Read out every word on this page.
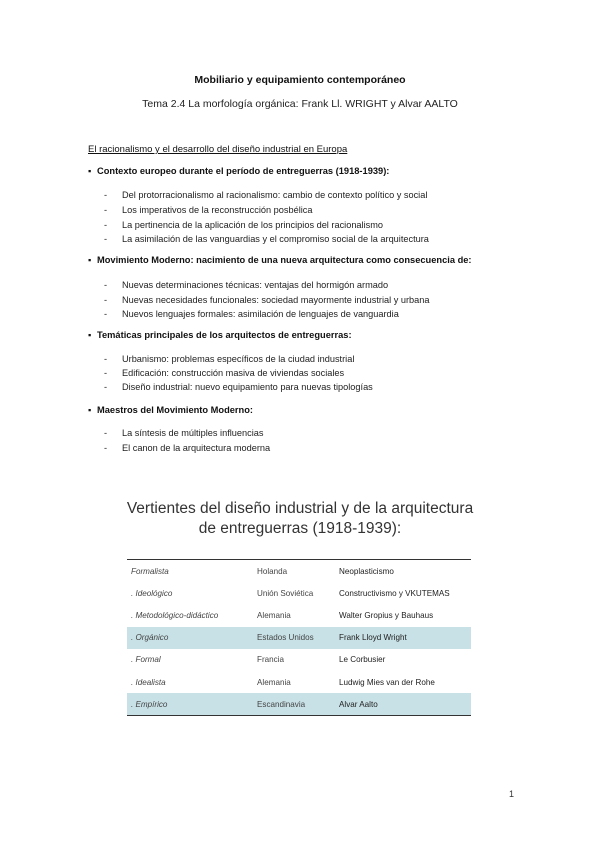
Mobiliario y equipamiento contemporáneo
Tema 2.4 La morfología orgánica: Frank Ll. WRIGHT y Alvar AALTO
El racionalismo y el desarrollo del diseño industrial en Europa
▪ Contexto europeo durante el período de entreguerras (1918-1939):
- Del protorracionalismo al racionalismo: cambio de contexto político y social
- Los imperativos de la reconstrucción posbélica
- La pertinencia de la aplicación de los principios del racionalismo
- La asimilación de las vanguardias y el compromiso social de la arquitectura
▪ Movimiento Moderno: nacimiento de una nueva arquitectura como consecuencia de:
- Nuevas determinaciones técnicas: ventajas del hormigón armado
- Nuevas necesidades funcionales: sociedad mayormente industrial y urbana
- Nuevos lenguajes formales: asimilación de lenguajes de vanguardia
▪ Temáticas principales de los arquitectos de entreguerras:
- Urbanismo: problemas específicos de la ciudad industrial
- Edificación: construcción masiva de viviendas sociales
- Diseño industrial: nuevo equipamiento para nuevas tipologías
▪ Maestros del Movimiento Moderno:
- La síntesis de múltiples influencias
- El canon de la arquitectura moderna
Vertientes del diseño industrial y de la arquitectura
de entreguerras (1918-1939):
Formalista	Holanda	Neoplasticismo
. Ideológico	Unión Soviética	Constructivismo y VKUTEMAS
. Metodológico-didáctico	Alemania	Walter Gropius y Bauhaus
. Orgánico	Estados Unidos	Frank Lloyd Wright
. Formal	Francia	Le Corbusier
. Idealista	Alemania	Ludwig Mies van der Rohe
. Empírico	Escandinavia	Alvar Aalto
1
